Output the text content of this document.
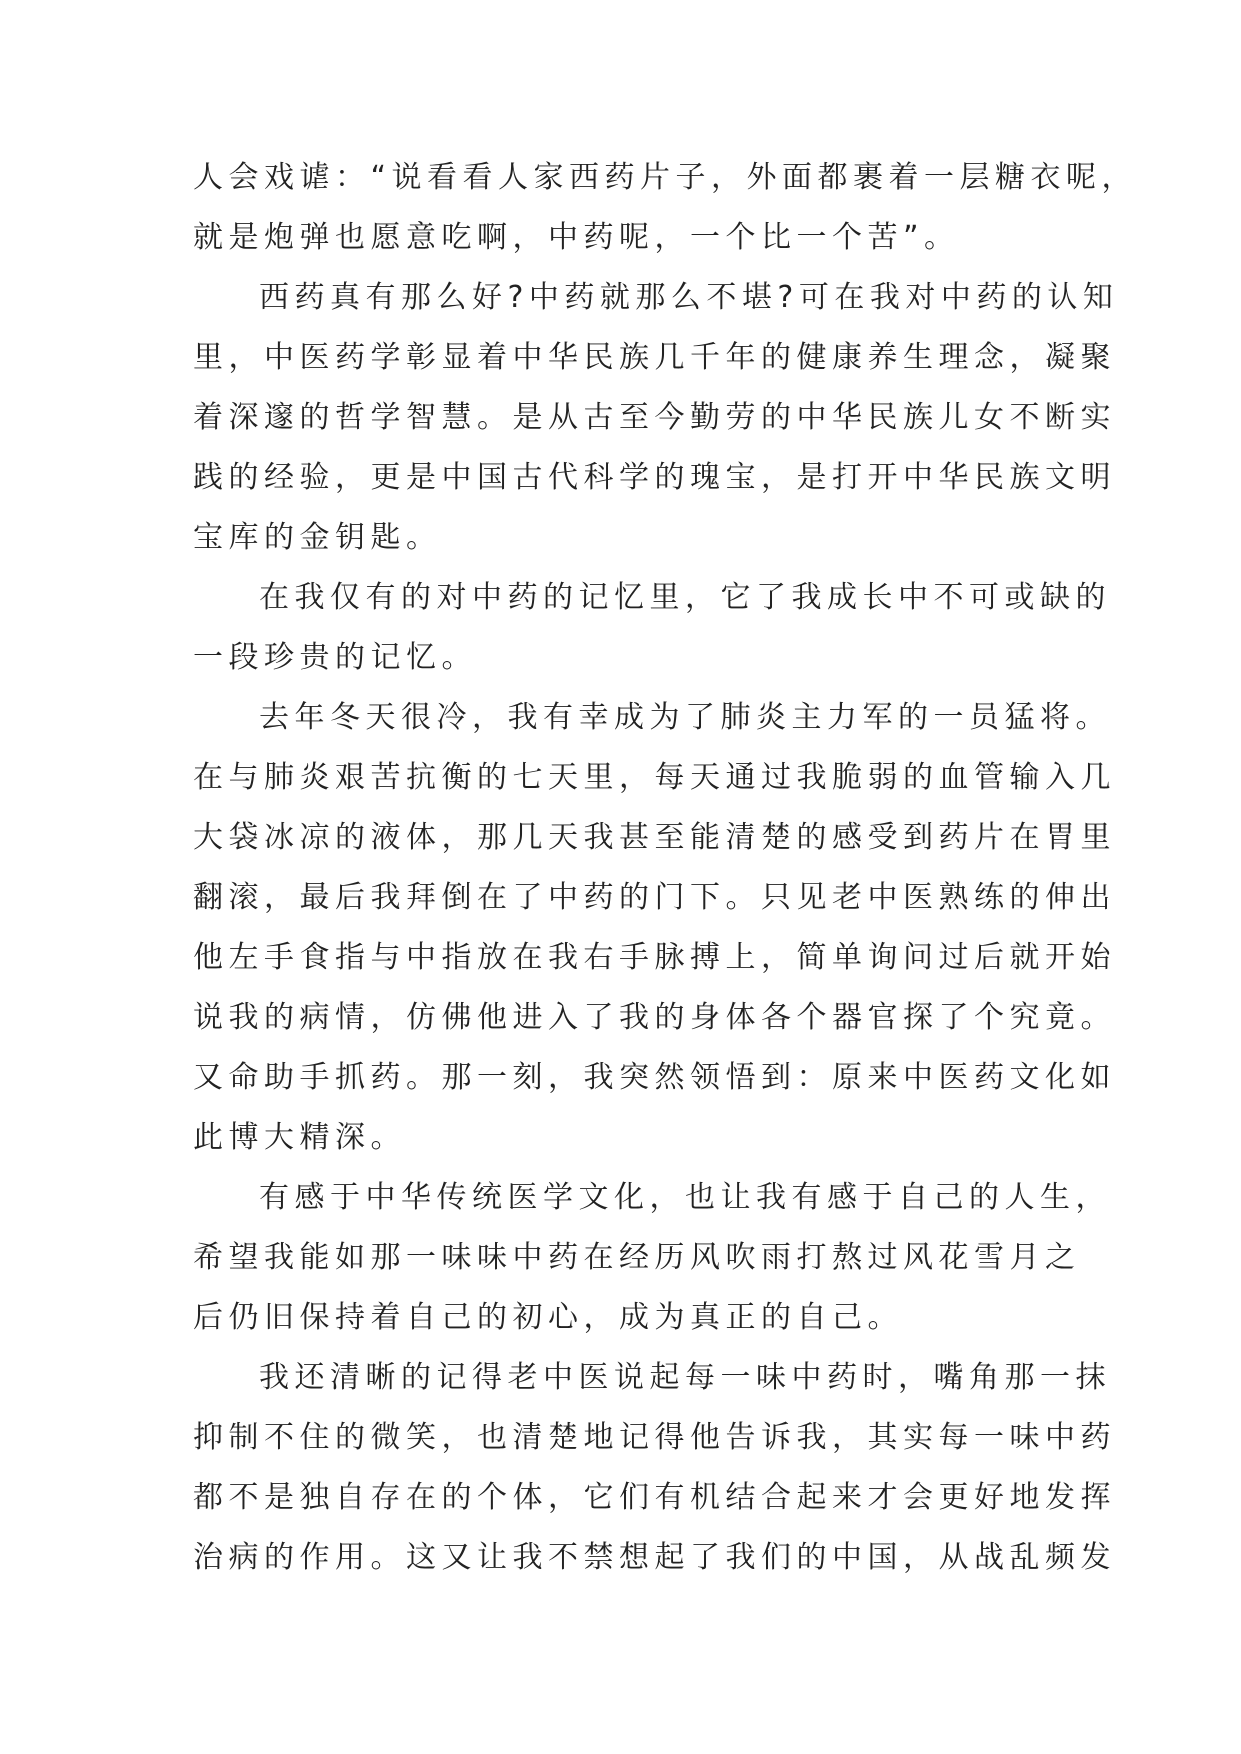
人会戏谑：“说看看人家西药片子，外面都裹着一层糖衣呢，
就是炮弹也愿意吃啊，中药呢，一个比一个苦”。
西药真有那么好?中药就那么不堪?可在我对中药的认知
里，中医药学彰显着中华民族几千年的健康养生理念，凝聚
着深邃的哲学智慧。是从古至今勤劳的中华民族儿女不断实
践的经验，更是中国古代科学的瑰宝，是打开中华民族文明
宝库的金钥匙。
在我仅有的对中药的记忆里，它了我成长中不可或缺的
一段珍贵的记忆。
去年冬天很冷，我有幸成为了肺炎主力军的一员猛将。
在与肺炎艰苦抗衡的七天里，每天通过我脆弱的血管输入几
大袋冰凉的液体，那几天我甚至能清楚的感受到药片在胃里
翻滚，最后我拜倒在了中药的门下。只见老中医熟练的伸出
他左手食指与中指放在我右手脉搏上，简单询问过后就开始
说我的病情，仿佛他进入了我的身体各个器官探了个究竟。
又命助手抓药。那一刻，我突然领悟到：原来中医药文化如
此博大精深。
有感于中华传统医学文化，也让我有感于自己的人生，
希望我能如那一味味中药在经历风吹雨打熬过风花雪月之
后仍旧保持着自己的初心，成为真正的自己。
我还清晰的记得老中医说起每一味中药时，嘴角那一抹
抑制不住的微笑，也清楚地记得他告诉我，其实每一味中药
都不是独自存在的个体，它们有机结合起来才会更好地发挥
治病的作用。这又让我不禁想起了我们的中国，从战乱频发
